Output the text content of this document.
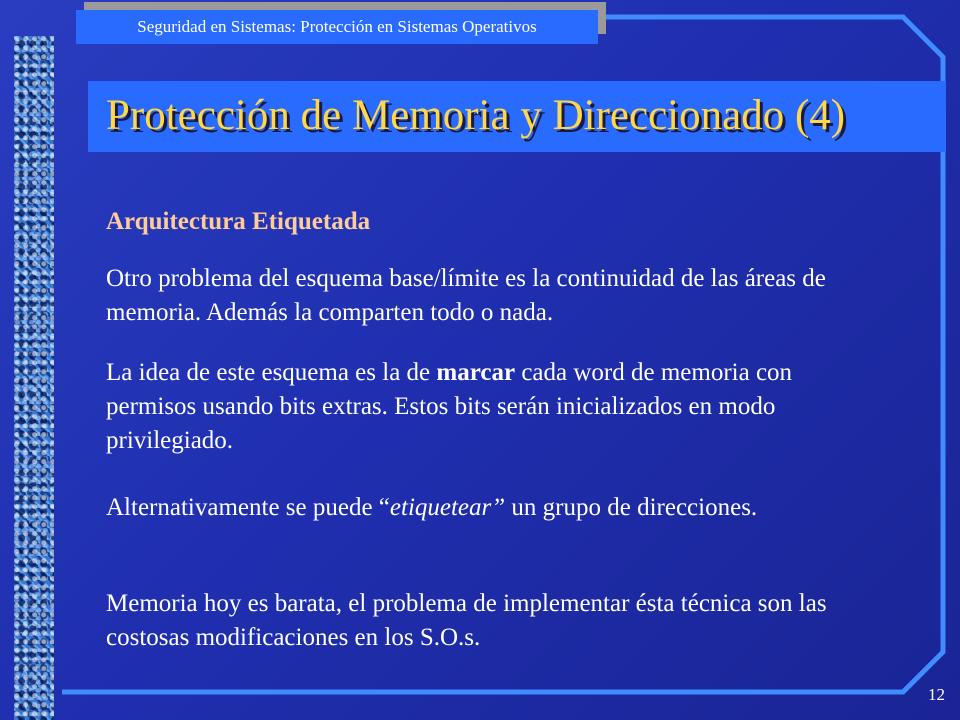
Seguridad en Sistemas: Protección en Sistemas Operativos
Protección de Memoria y Direccionado (4)
Arquitectura Etiquetada

Otro problema del esquema base/límite es la continuidad de las áreas de memoria. Además la comparten todo o nada.

La idea de este esquema es la de marcar cada word de memoria con permisos usando bits extras. Estos bits serán inicializados en modo privilegiado.

Alternativamente se puede “etiquetear” un grupo de direcciones.

Memoria hoy es barata, el problema de implementar ésta técnica son las costosas modificaciones en los S.O.s.

12
